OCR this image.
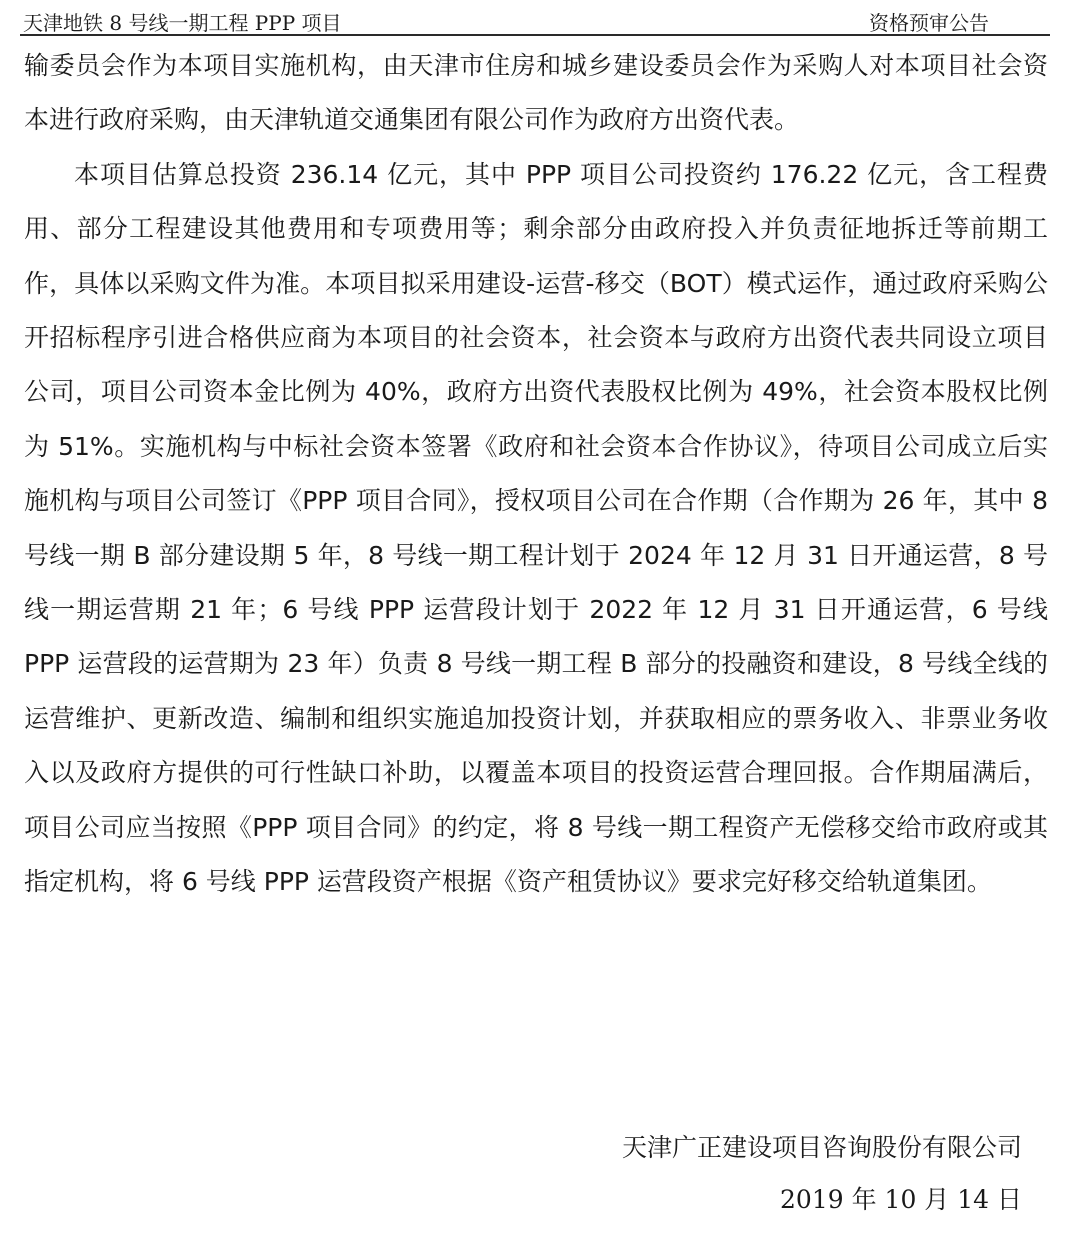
天津地铁 8 号线一期工程 PPP 项目	资格预审公告

输委员会作为本项目实施机构，由天津市住房和城乡建设委员会作为采购人对本项目社会资本进行政府采购，由天津轨道交通集团有限公司作为政府方出资代表。

本项目估算总投资 236.14 亿元，其中 PPP 项目公司投资约 176.22 亿元，含工程费用、部分工程建设其他费用和专项费用等；剩余部分由政府投入并负责征地拆迁等前期工作，具体以采购文件为准。本项目拟采用建设-运营-移交（BOT）模式运作，通过政府采购公开招标程序引进合格供应商为本项目的社会资本，社会资本与政府方出资代表共同设立项目公司，项目公司资本金比例为 40%，政府方出资代表股权比例为 49%，社会资本股权比例为 51%。实施机构与中标社会资本签署《政府和社会资本合作协议》，待项目公司成立后实施机构与项目公司签订《PPP 项目合同》，授权项目公司在合作期（合作期为 26 年，其中 8 号线一期 B 部分建设期 5 年，8 号线一期工程计划于 2024 年 12 月 31 日开通运营，8 号线一期运营期 21 年；6 号线 PPP 运营段计划于 2022 年 12 月 31 日开通运营，6 号线 PPP 运营段的运营期为 23 年）负责 8 号线一期工程 B 部分的投融资和建设，8 号线全线的运营维护、更新改造、编制和组织实施追加投资计划，并获取相应的票务收入、非票业务收入以及政府方提供的可行性缺口补助，以覆盖本项目的投资运营合理回报。合作期届满后，项目公司应当按照《PPP 项目合同》的约定，将 8 号线一期工程资产无偿移交给市政府或其指定机构，将 6 号线 PPP 运营段资产根据《资产租赁协议》要求完好移交给轨道集团。

天津广正建设项目咨询股份有限公司
2019 年 10 月 14 日
